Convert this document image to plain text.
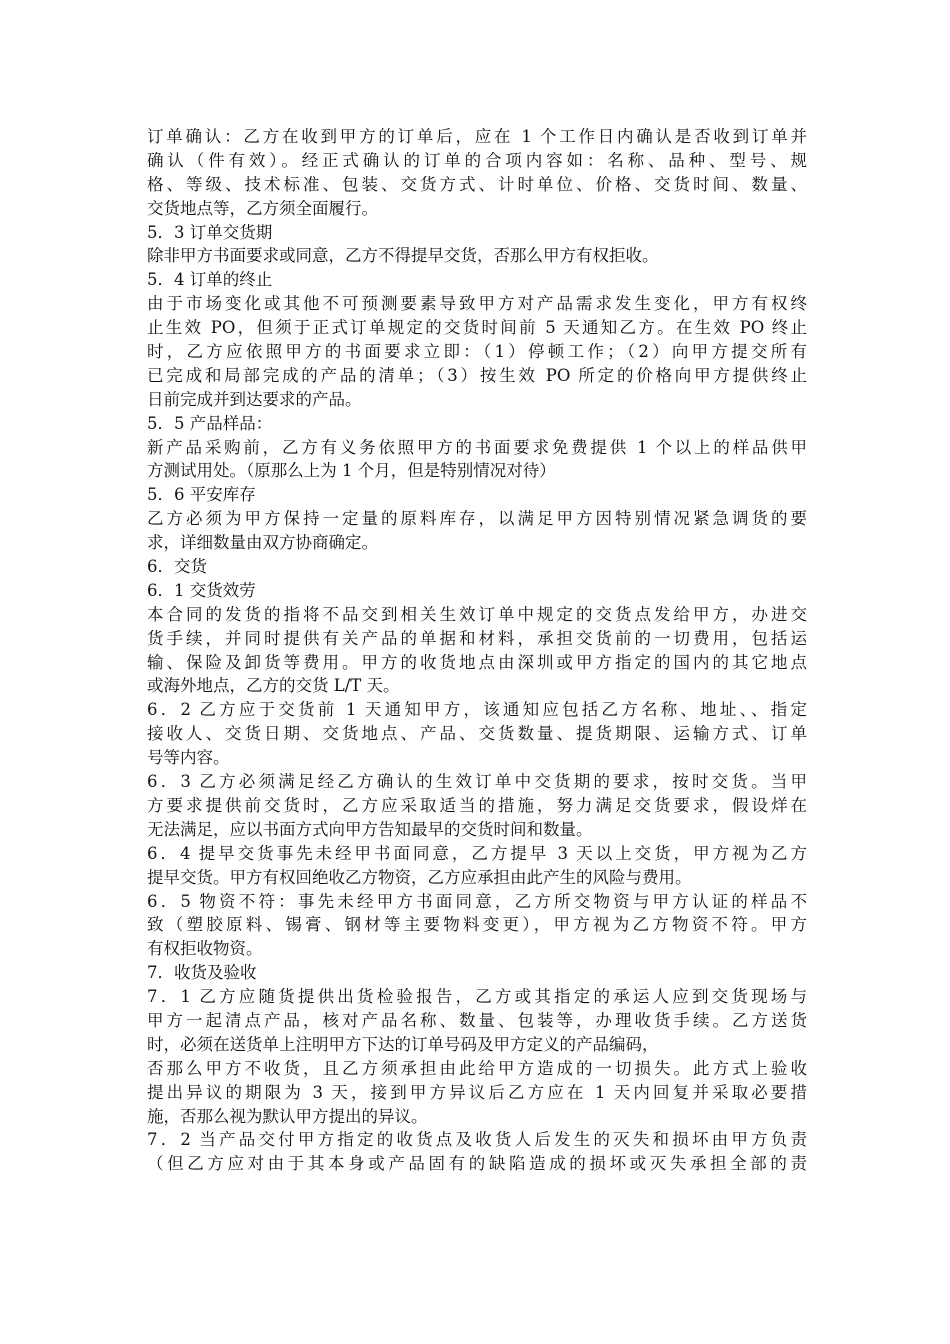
订单确认：乙方在收到甲方的订单后，应在 1 个工作日内确认是否收到订单并
确认（件有效）。经正式确认的订单的合项内容如：名称、品种、型号、规
格、等级、技术标准、包装、交货方式、计时单位、价格、交货时间、数量、
交货地点等，乙方须全面履行。
5．3 订单交货期
除非甲方书面要求或同意，乙方不得提早交货，否那么甲方有权拒收。
5．4 订单的终止
由于市场变化或其他不可预测要素导致甲方对产品需求发生变化，甲方有权终
止生效 PO，但须于正式订单规定的交货时间前 5 天通知乙方。在生效 PO 终止
时，乙方应依照甲方的书面要求立即：（1）停顿工作；（2）向甲方提交所有
已完成和局部完成的产品的清单；（3）按生效 PO 所定的价格向甲方提供终止
日前完成并到达要求的产品。
5．5 产品样品：
新产品采购前，乙方有义务依照甲方的书面要求免费提供 1 个以上的样品供甲
方测试用处。（原那么上为 1 个月，但是特别情况对待）
5．6 平安库存
乙方必须为甲方保持一定量的原料库存，以满足甲方因特别情况紧急调货的要
求，详细数量由双方协商确定。
6．交货
6．1 交货效劳
本合同的发货的指将不品交到相关生效订单中规定的交货点发给甲方，办进交
货手续，并同时提供有关产品的单据和材料，承担交货前的一切费用，包括运
输、保险及卸货等费用。甲方的收货地点由深圳或甲方指定的国内的其它地点
或海外地点，乙方的交货 L/T 天。
6．2 乙方应于交货前 1 天通知甲方，该通知应包括乙方名称、地址、、指定
接收人、交货日期、交货地点、产品、交货数量、提货期限、运输方式、订单
号等内容。
6．3 乙方必须满足经乙方确认的生效订单中交货期的要求，按时交货。当甲
方要求提供前交货时，乙方应采取适当的措施，努力满足交货要求，假设烊在
无法满足，应以书面方式向甲方告知最早的交货时间和数量。
6．4 提早交货事先未经甲书面同意，乙方提早 3 天以上交货，甲方视为乙方
提早交货。甲方有权回绝收乙方物资，乙方应承担由此产生的风险与费用。
6．5 物资不符：事先未经甲方书面同意，乙方所交物资与甲方认证的样品不
致（塑胶原料、锡膏、钢材等主要物料变更），甲方视为乙方物资不符。甲方
有权拒收物资。
7．收货及验收
7．1 乙方应随货提供出货检验报告，乙方或其指定的承运人应到交货现场与
甲方一起清点产品，核对产品名称、数量、包装等，办理收货手续。乙方送货
时，必须在送货单上注明甲方下达的订单号码及甲方定义的产品编码，
否那么甲方不收货，且乙方须承担由此给甲方造成的一切损失。此方式上验收
提出异议的期限为 3 天，接到甲方异议后乙方应在 1 天内回复并采取必要措
施，否那么视为默认甲方提出的异议。
7．2 当产品交付甲方指定的收货点及收货人后发生的灭失和损坏由甲方负责
（但乙方应对由于其本身或产品固有的缺陷造成的损坏或灭失承担全部的责
